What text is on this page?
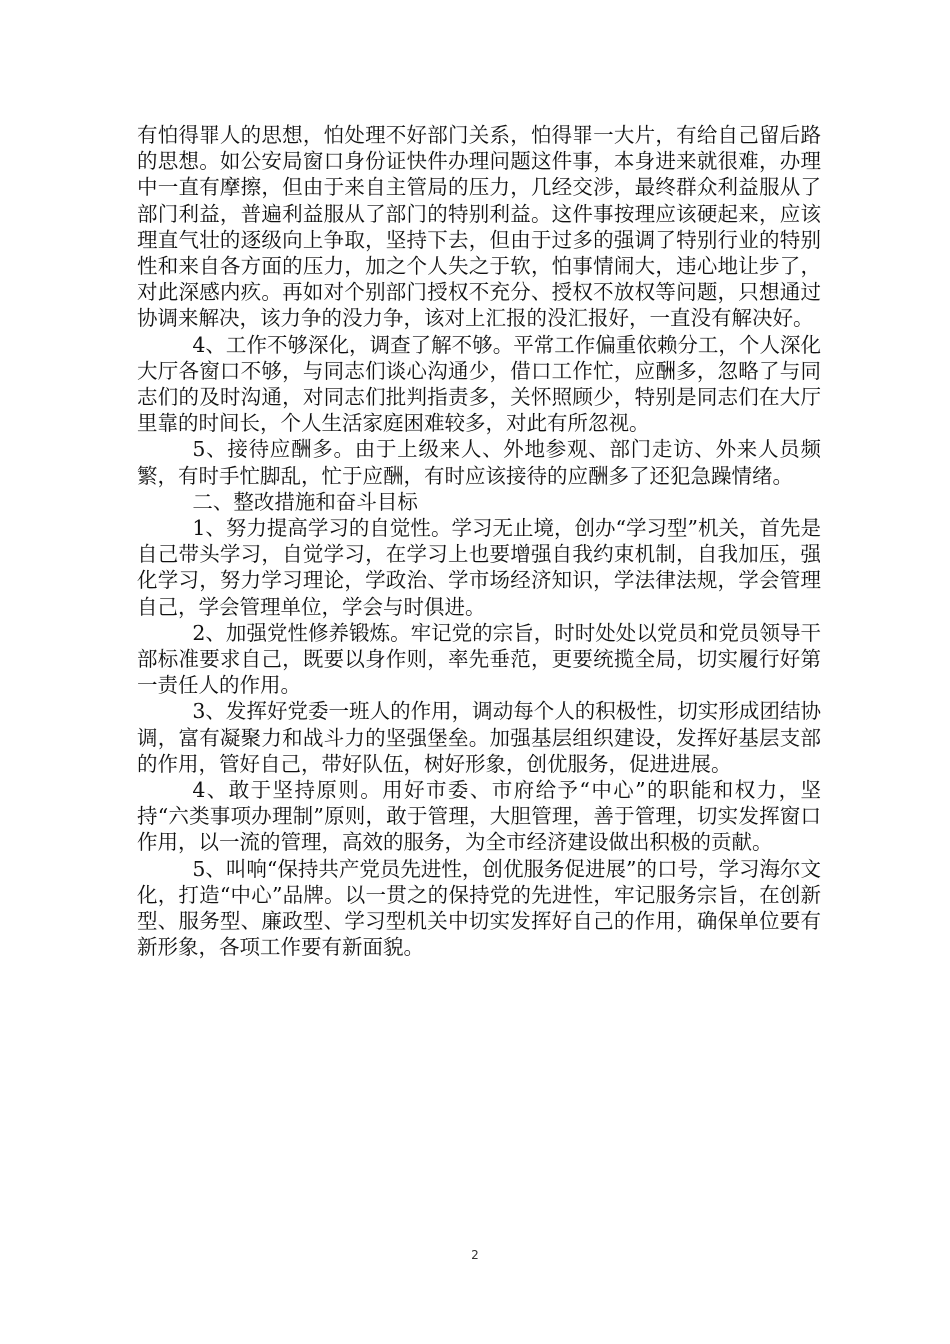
有怕得罪人的思想，怕处理不好部门关系，怕得罪一大片，有给自己留后路的思想。如公安局窗口身份证快件办理问题这件事，本身进来就很难，办理中一直有摩擦，但由于来自主管局的压力，几经交涉，最终群众利益服从了部门利益，普遍利益服从了部门的特别利益。这件事按理应该硬起来，应该理直气壮的逐级向上争取，坚持下去，但由于过多的强调了特别行业的特别性和来自各方面的压力，加之个人失之于软，怕事情闹大，违心地让步了，对此深感内疚。再如对个别部门授权不充分、授权不放权等问题，只想通过协调来解决，该力争的没力争，该对上汇报的没汇报好，一直没有解决好。

4、工作不够深化，调查了解不够。平常工作偏重依赖分工，个人深化大厅各窗口不够，与同志们谈心沟通少，借口工作忙，应酬多，忽略了与同志们的及时沟通，对同志们批判指责多，关怀照顾少，特别是同志们在大厅里靠的时间长，个人生活家庭困难较多，对此有所忽视。

5、接待应酬多。由于上级来人、外地参观、部门走访、外来人员频繁，有时手忙脚乱，忙于应酬，有时应该接待的应酬多了还犯急躁情绪。

二、整改措施和奋斗目标

1、努力提高学习的自觉性。学习无止境，创办“学习型”机关，首先是自己带头学习，自觉学习，在学习上也要增强自我约束机制，自我加压，强化学习，努力学习理论，学政治、学市场经济知识，学法律法规，学会管理自己，学会管理单位，学会与时俱进。

2、加强党性修养锻炼。牢记党的宗旨，时时处处以党员和党员领导干部标准要求自己，既要以身作则，率先垂范，更要统揽全局，切实履行好第一责任人的作用。

3、发挥好党委一班人的作用，调动每个人的积极性，切实形成团结协调，富有凝聚力和战斗力的坚强堡垒。加强基层组织建设，发挥好基层支部的作用，管好自己，带好队伍，树好形象，创优服务，促进进展。

4、敢于坚持原则。用好市委、市府给予“中心”的职能和权力，坚持“六类事项办理制”原则，敢于管理，大胆管理，善于管理，切实发挥窗口作用，以一流的管理，高效的服务，为全市经济建设做出积极的贡献。

5、叫响“保持共产党员先进性，创优服务促进展”的口号，学习海尔文化，打造“中心”品牌。以一贯之的保持党的先进性，牢记服务宗旨，在创新型、服务型、廉政型、学习型机关中切实发挥好自己的作用，确保单位要有新形象，各项工作要有新面貌。

2
